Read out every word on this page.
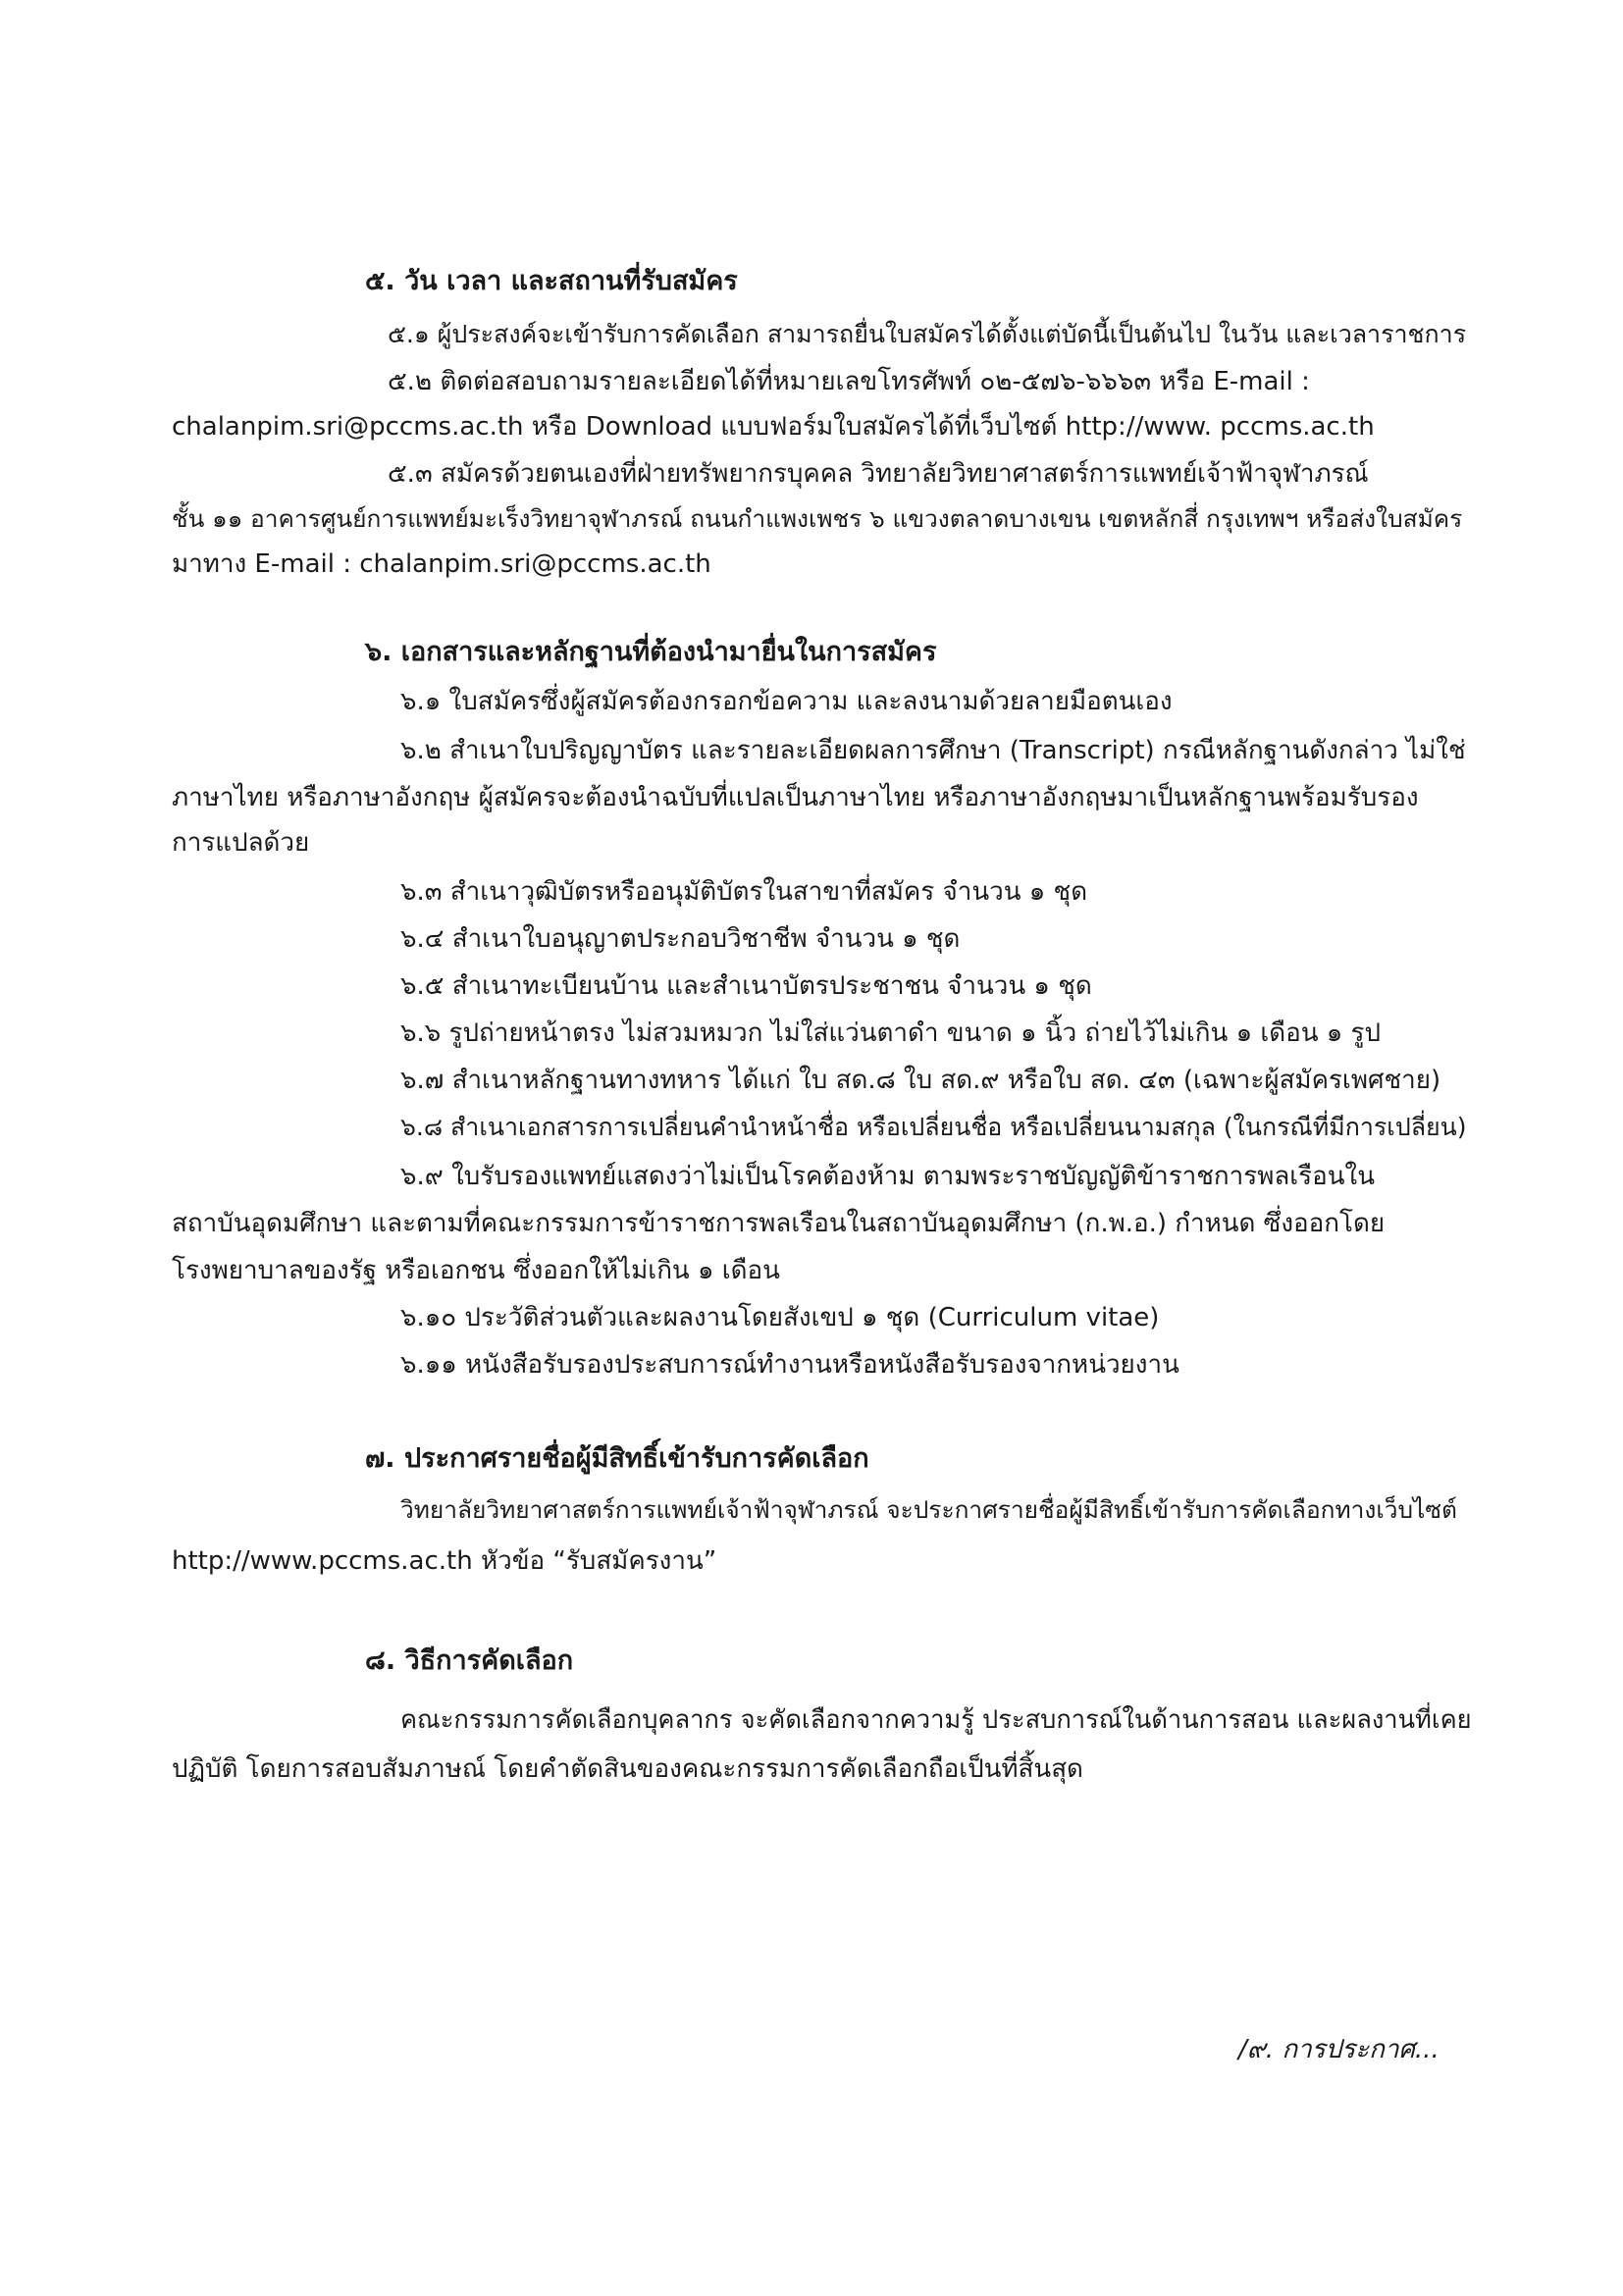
๕. วัน เวลา และสถานที่รับสมัคร
๕.๑ ผู้ประสงค์จะเข้ารับการคัดเลือก สามารถยื่นใบสมัครได้ตั้งแต่บัดนี้เป็นต้นไป ในวัน และเวลาราชการ
๕.๒ ติดต่อสอบถามรายละเอียดได้ที่หมายเลขโทรศัพท์ ๐๒-๕๗๖-๖๖๖๓ หรือ E-mail :
chalanpim.sri@pccms.ac.th หรือ Download แบบฟอร์มใบสมัครได้ที่เว็บไซต์ http://www. pccms.ac.th
๕.๓ สมัครด้วยตนเองที่ฝ่ายทรัพยากรบุคคล วิทยาลัยวิทยาศาสตร์การแพทย์เจ้าฟ้าจุฬาภรณ์
ชั้น ๑๑ อาคารศูนย์การแพทย์มะเร็งวิทยาจุฬาภรณ์ ถนนกำแพงเพชร ๖ แขวงตลาดบางเขน เขตหลักสี่ กรุงเทพฯ หรือส่งใบสมัคร
มาทาง E-mail : chalanpim.sri@pccms.ac.th
๖. เอกสารและหลักฐานที่ต้องนำมายื่นในการสมัคร
๖.๑ ใบสมัครซึ่งผู้สมัครต้องกรอกข้อความ และลงนามด้วยลายมือตนเอง
๖.๒ สำเนาใบปริญญาบัตร และรายละเอียดผลการศึกษา (Transcript) กรณีหลักฐานดังกล่าว ไม่ใช่
ภาษาไทย หรือภาษาอังกฤษ ผู้สมัครจะต้องนำฉบับที่แปลเป็นภาษาไทย หรือภาษาอังกฤษมาเป็นหลักฐานพร้อมรับรอง
การแปลด้วย
๖.๓ สำเนาวุฒิบัตรหรืออนุมัติบัตรในสาขาที่สมัคร จำนวน ๑ ชุด
๖.๔ สำเนาใบอนุญาตประกอบวิชาชีพ จำนวน ๑ ชุด
๖.๕ สำเนาทะเบียนบ้าน และสำเนาบัตรประชาชน จำนวน ๑ ชุด
๖.๖ รูปถ่ายหน้าตรง ไม่สวมหมวก ไม่ใส่แว่นตาดำ ขนาด ๑ นิ้ว ถ่ายไว้ไม่เกิน ๑ เดือน ๑ รูป
๖.๗ สำเนาหลักฐานทางทหาร ได้แก่ ใบ สด.๘ ใบ สด.๙ หรือใบ สด. ๔๓ (เฉพาะผู้สมัครเพศชาย)
๖.๘ สำเนาเอกสารการเปลี่ยนคำนำหน้าชื่อ หรือเปลี่ยนชื่อ หรือเปลี่ยนนามสกุล (ในกรณีที่มีการเปลี่ยน)
๖.๙ ใบรับรองแพทย์แสดงว่าไม่เป็นโรคต้องห้าม ตามพระราชบัญญัติข้าราชการพลเรือนใน
สถาบันอุดมศึกษา และตามที่คณะกรรมการข้าราชการพลเรือนในสถาบันอุดมศึกษา (ก.พ.อ.) กำหนด ซึ่งออกโดย
โรงพยาบาลของรัฐ หรือเอกชน ซึ่งออกให้ไม่เกิน ๑ เดือน
๖.๑๐ ประวัติส่วนตัวและผลงานโดยสังเขป ๑ ชุด (Curriculum vitae)
๖.๑๑ หนังสือรับรองประสบการณ์ทำงานหรือหนังสือรับรองจากหน่วยงาน
๗. ประกาศรายชื่อผู้มีสิทธิ์เข้ารับการคัดเลือก
วิทยาลัยวิทยาศาสตร์การแพทย์เจ้าฟ้าจุฬาภรณ์ จะประกาศรายชื่อผู้มีสิทธิ์เข้ารับการคัดเลือกทางเว็บไซต์
http://www.pccms.ac.th หัวข้อ “รับสมัครงาน”
๘. วิธีการคัดเลือก
คณะกรรมการคัดเลือกบุคลากร จะคัดเลือกจากความรู้ ประสบการณ์ในด้านการสอน และผลงานที่เคย
ปฏิบัติ โดยการสอบสัมภาษณ์ โดยคำตัดสินของคณะกรรมการคัดเลือกถือเป็นที่สิ้นสุด
/๙. การประกาศ...
